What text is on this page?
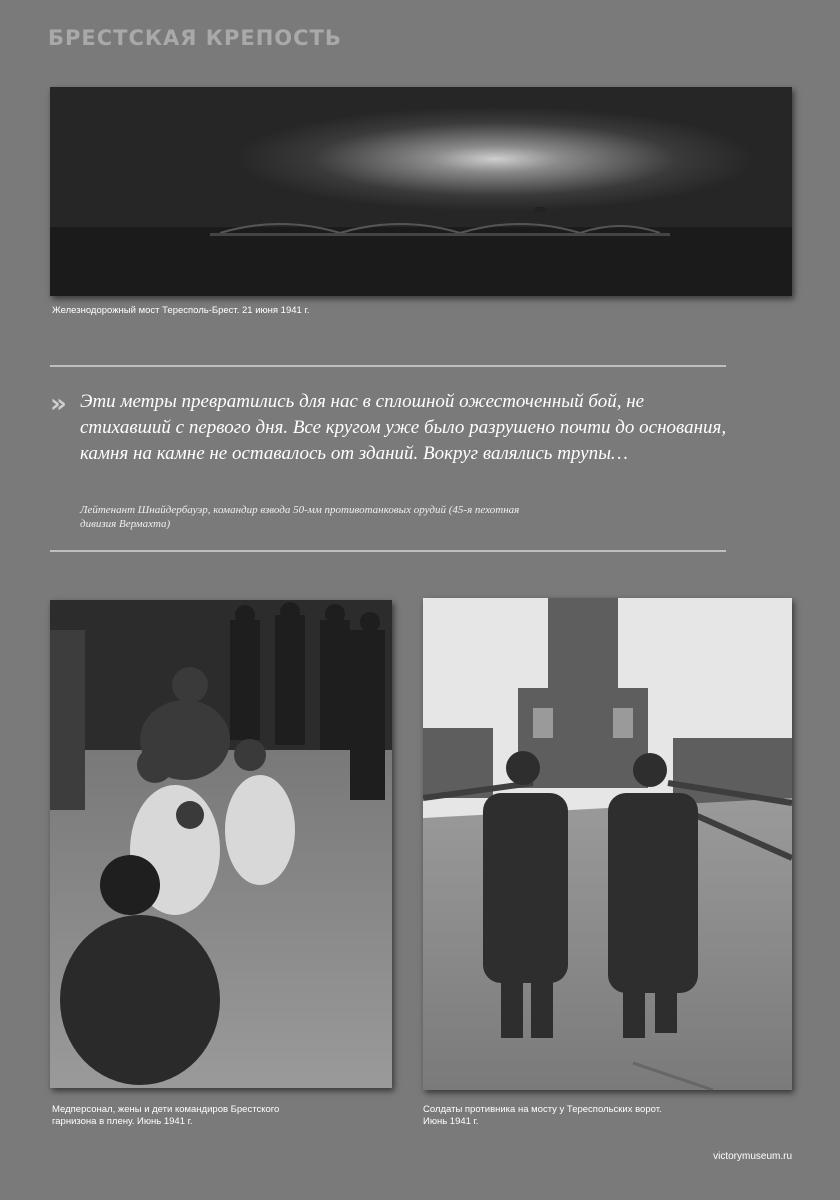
БРЕСТСКАЯ КРЕПОСТЬ

Железнодорожный мост Тересполь-Брест. 21 июня 1941 г.

» Эти метры превратились для нас в сплошной ожесточенный бой, не стихавший с первого дня. Все кругом уже было разрушено почти до основания, камня на камне не оставалось от зданий. Вокруг валялись трупы…

Лейтенант Шнайдербауэр, командир взвода 50-мм противотанковых орудий (45-я пехотная дивизия Вермахта)

Медперсонал, жены и дети командиров Брестского
гарнизона в плену. Июнь 1941 г.

Солдаты противника на мосту у Тереспольских ворот.
Июнь 1941 г.

victorymuseum.ru
